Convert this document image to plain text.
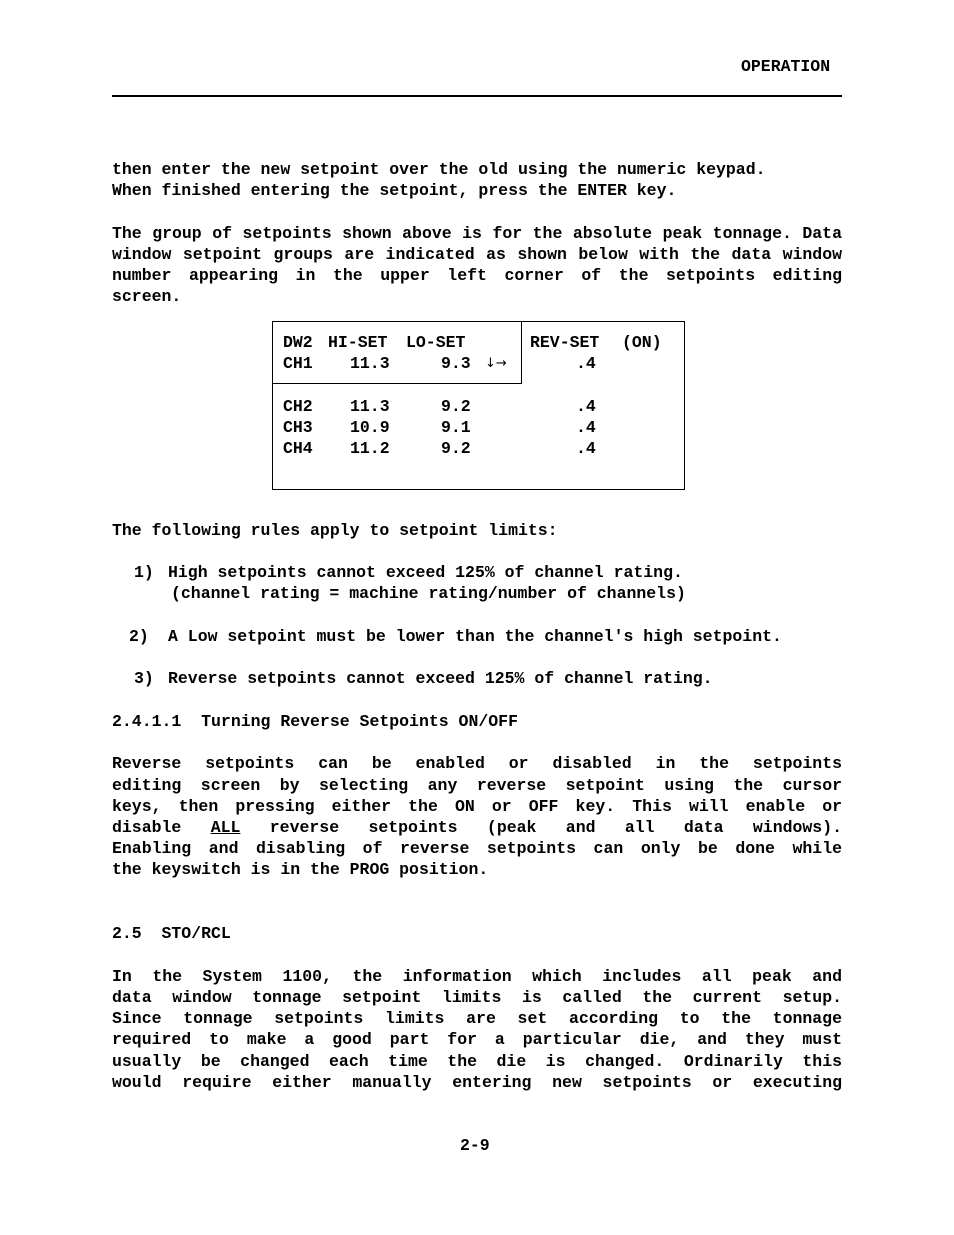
OPERATION
then enter the new setpoint over the old using the numeric keypad.
When finished entering the setpoint, press the ENTER key.
The group of setpoints shown above is for the absolute peak tonnage. Data window setpoint groups are indicated as shown below with the data window number appearing in the upper left corner of the setpoints editing screen.
DW2 HI-SET LO-SET	REV-SET (ON)
CH1 11.3	9.3 ↓→	.4
CH2 11.3	9.2	.4
CH3 10.9	9.1	.4
CH4 11.2	9.2	.4
The following rules apply to setpoint limits:
1) High setpoints cannot exceed 125% of channel rating.
(channel rating = machine rating/number of channels)
2) A Low setpoint must be lower than the channel's high setpoint.
3) Reverse setpoints cannot exceed 125% of channel rating.
2.4.1.1  Turning Reverse Setpoints ON/OFF
Reverse setpoints can be enabled or disabled in the setpoints
editing screen by selecting any reverse setpoint using the cursor
keys, then pressing either the ON or OFF key. This will enable or
disable ALL reverse setpoints (peak and all data windows).
Enabling and disabling of reverse setpoints can only be done while
the keyswitch is in the PROG position.
2.5  STO/RCL
In the System 1100, the information which includes all peak and
data window tonnage setpoint limits is called the current setup.
Since tonnage setpoints limits are set according to the tonnage
required to make a good part for a particular die, and they must
usually be changed each time the die is changed. Ordinarily this
would require either manually entering new setpoints or executing
2-9
